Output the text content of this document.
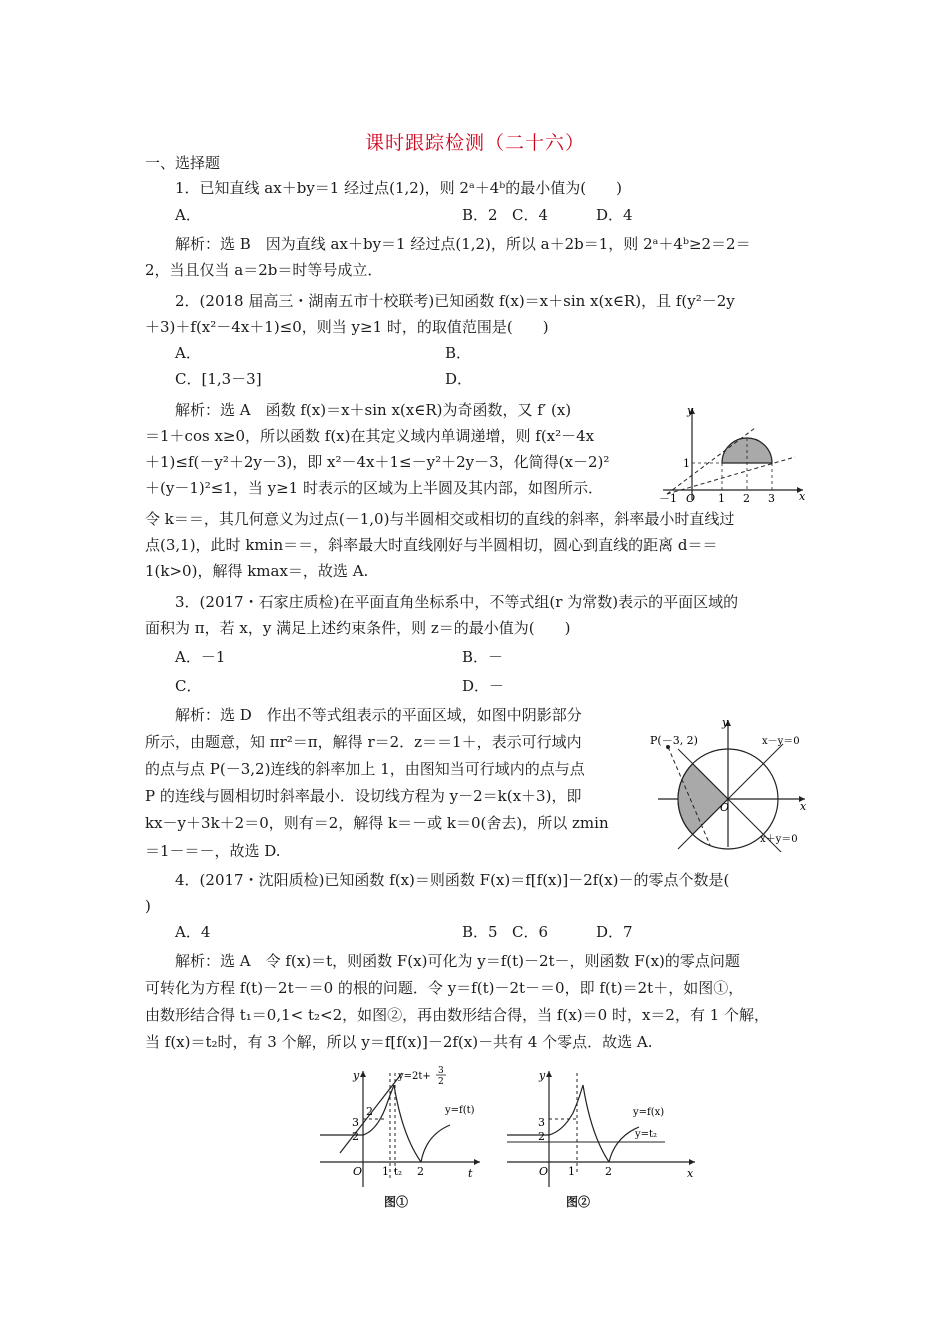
课时跟踪检测（二十六）
一、选择题
1．已知直线 ax＋by＝1 经过点(1,2)，则 2ᵃ＋4ᵇ的最小值为(　　)
A．	B．2 C．4	D．4
解析：选 B　因为直线 ax＋by＝1 经过点(1,2)，所以 a＋2b＝1，则 2ᵃ＋4ᵇ≥2＝2＝
2，当且仅当 a＝2b＝时等号成立．
2．(2018 届高三・湖南五市十校联考)已知函数 f(x)＝x＋sin x(x∈R)，且 f(y²－2y
＋3)＋f(x²－4x＋1)≤0，则当 y≥1 时，的取值范围是(　　)
A．	B．
C．[1,3－3]	D．
解析：选 A　函数 f(x)＝x＋sin x(x∈R)为奇函数，又 f′ (x)
＝1＋cos x≥0，所以函数 f(x)在其定义域内单调递增，则 f(x²－4x
＋1)≤f(－y²＋2y－3)，即 x²－4x＋1≤－y²＋2y－3，化简得(x－2)²
＋(y－1)²≤1，当 y≥1 时表示的区域为上半圆及其内部，如图所示．
令 k＝＝，其几何意义为过点(－1,0)与半圆相交或相切的直线的斜率，斜率最小时直线过
点(3,1)，此时 kmin＝＝，斜率最大时直线刚好与半圆相切，圆心到直线的距离 d＝＝
1(k>0)，解得 kmax＝，故选 A.
y
x
O 1 2 3
－1
1
3．(2017・石家庄质检)在平面直角坐标系中，不等式组(r 为常数)表示的平面区域的
面积为 π，若 x，y 满足上述约束条件，则 z＝的最小值为(　　)
A．－1	B．－
C．	D．－
解析：选 D　作出不等式组表示的平面区域，如图中阴影部分
所示，由题意，知 πr²＝π，解得 r＝2．z＝＝1＋，表示可行域内
的点与点 P(－3,2)连线的斜率加上 1，由图知当可行域内的点与点
P 的连线与圆相切时斜率最小．设切线方程为 y－2＝k(x＋3)，即
kx－y＋3k＋2＝0，则有＝2，解得 k＝－或 k＝0(舍去)，所以 zmin
＝1－＝－，故选 D.
y
x
O
P(－3, 2)	x－y＝0
x＋y＝0
4．(2017・沈阳质检)已知函数 f(x)＝则函数 F(x)＝f[f(x)]－2f(x)－的零点个数是(
)
A．4	B．5 C．6	D．7
解析：选 A　令 f(x)＝t，则函数 F(x)可化为 y＝f(t)－2t－，则函数 F(x)的零点问题
可转化为方程 f(t)－2t－＝0 的根的问题．令 y＝f(t)－2t－＝0，即 f(t)＝2t＋，如图①，
由数形结合得 t₁＝0,1< t₂<2，如图②，再由数形结合得，当 f(x)＝0 时，x＝2，有 1 个解，
当 f(x)＝t₂时，有 3 个解，所以 y＝f[f(x)]－2f(x)－共有 4 个零点．故选 A.
y
t
O 1 t₂ 2
3
2
2
y=2t+ 3
2
y=f(t)
图①
y
x
O 1	2
3
2
y=f(x)
y=t₂
图②
